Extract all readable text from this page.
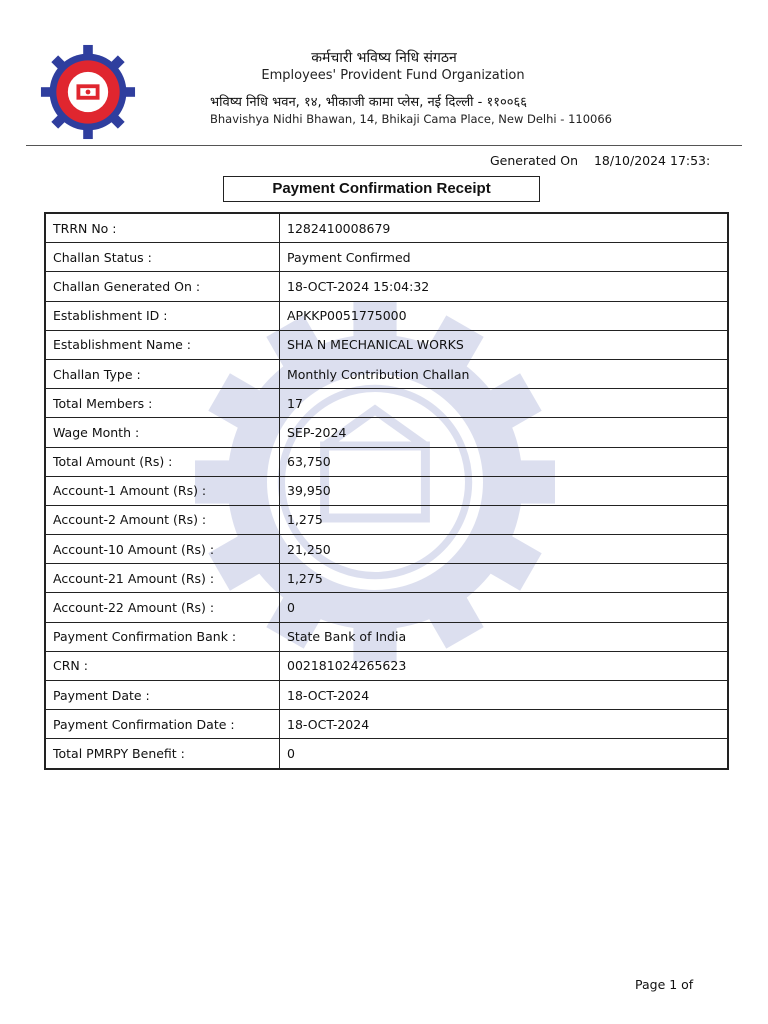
कर्मचारी भविष्य निधि संगठन
Employees' Provident Fund Organization
भविष्य निधि भवन, १४, भीकाजी कामा प्लेस, नई दिल्ली - ११००६६
Bhavishya Nidhi Bhawan, 14, Bhikaji Cama Place, New Delhi - 110066
Generated On 18/10/2024 17:53:
Payment Confirmation Receipt
TRRN No :	1282410008679
Challan Status :	Payment Confirmed
Challan Generated On :	18-OCT-2024 15:04:32
Establishment ID :	APKKP0051775000
Establishment Name :	SHA N MECHANICAL WORKS
Challan Type :	Monthly Contribution Challan
Total Members :	17
Wage Month :	SEP-2024
Total Amount (Rs) :	63,750
Account-1 Amount (Rs) :	39,950
Account-2 Amount (Rs) :	1,275
Account-10 Amount (Rs) :	21,250
Account-21 Amount (Rs) :	1,275
Account-22 Amount (Rs) :	0
Payment Confirmation Bank :	State Bank of India
CRN :	002181024265623
Payment Date :	18-OCT-2024
Payment Confirmation Date :	18-OCT-2024
Total PMRPY Benefit :	0
Page 1 of
